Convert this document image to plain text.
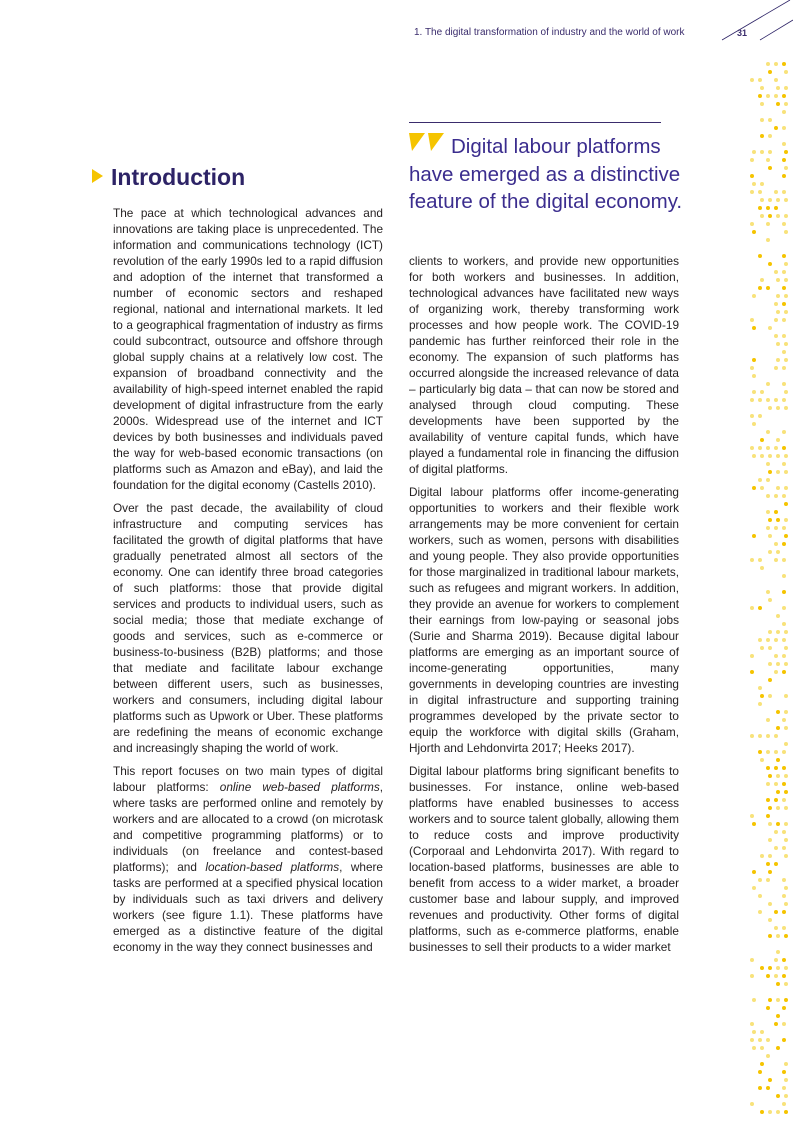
1. The digital transformation of industry and the world of work	31
Digital labour platforms have emerged as a distinctive feature of the digital economy.
Introduction

The pace at which technological advances and innovations are taking place is unprecedented. The information and communications technology (ICT) revolution of the early 1990s led to a rapid diffusion and adoption of the internet that transformed a number of economic sectors and reshaped regional, national and international markets. It led to a geographical fragmentation of industry as firms could subcontract, outsource and offshore through global supply chains at a relatively low cost. The expansion of broadband connectivity and the availability of high-speed internet enabled the rapid development of digital infrastructure from the early 2000s. Widespread use of the internet and ICT devices by both businesses and individuals paved the way for web-based economic transactions (on platforms such as Amazon and eBay), and laid the foundation for the digital economy (Castells 2010).

Over the past decade, the availability of cloud infrastructure and computing services has facilitated the growth of digital platforms that have gradually penetrated almost all sectors of the economy. One can identify three broad categories of such platforms: those that provide digital services and products to individual users, such as social media; those that mediate exchange of goods and services, such as e-commerce or business-to-business (B2B) platforms; and those that mediate and facilitate labour exchange between different users, such as businesses, workers and consumers, including digital labour platforms such as Upwork or Uber. These platforms are redefining the means of economic exchange and increasingly shaping the world of work.

This report focuses on two main types of digital labour platforms: online web-based platforms, where tasks are performed online and remotely by workers and are allocated to a crowd (on microtask and competitive programming platforms) or to individuals (on freelance and contest-based platforms); and location-based platforms, where tasks are performed at a specified physical location by individuals such as taxi drivers and delivery workers (see figure 1.1). These platforms have emerged as a distinctive feature of the digital economy in the way they connect businesses and

clients to workers, and provide new opportunities for both workers and businesses. In addition, technological advances have facilitated new ways of organizing work, thereby transforming work processes and how people work. The COVID-19 pandemic has further reinforced their role in the economy. The expansion of such platforms has occurred alongside the increased relevance of data – particularly big data – that can now be stored and analysed through cloud computing. These developments have been supported by the availability of venture capital funds, which have played a fundamental role in financing the diffusion of digital platforms.

Digital labour platforms offer income-generating opportunities to workers and their flexible work arrangements may be more convenient for certain workers, such as women, persons with disabilities and young people. They also provide opportunities for those marginalized in traditional labour markets, such as refugees and migrant workers. In addition, they provide an avenue for workers to complement their earnings from low-paying or seasonal jobs (Surie and Sharma 2019). Because digital labour platforms are emerging as an important source of income-generating opportunities, many governments in developing countries are investing in digital infrastructure and supporting training programmes developed by the private sector to equip the workforce with digital skills (Graham, Hjorth and Lehdonvirta 2017; Heeks 2017).

Digital labour platforms bring significant benefits to businesses. For instance, online web-based platforms have enabled businesses to access workers and to source talent globally, allowing them to reduce costs and improve productivity (Corporaal and Lehdonvirta 2017). With regard to location-based platforms, businesses are able to benefit from access to a wider market, a broader customer base and labour supply, and improved revenues and productivity. Other forms of digital platforms, such as e-commerce platforms, enable businesses to sell their products to a wider market
